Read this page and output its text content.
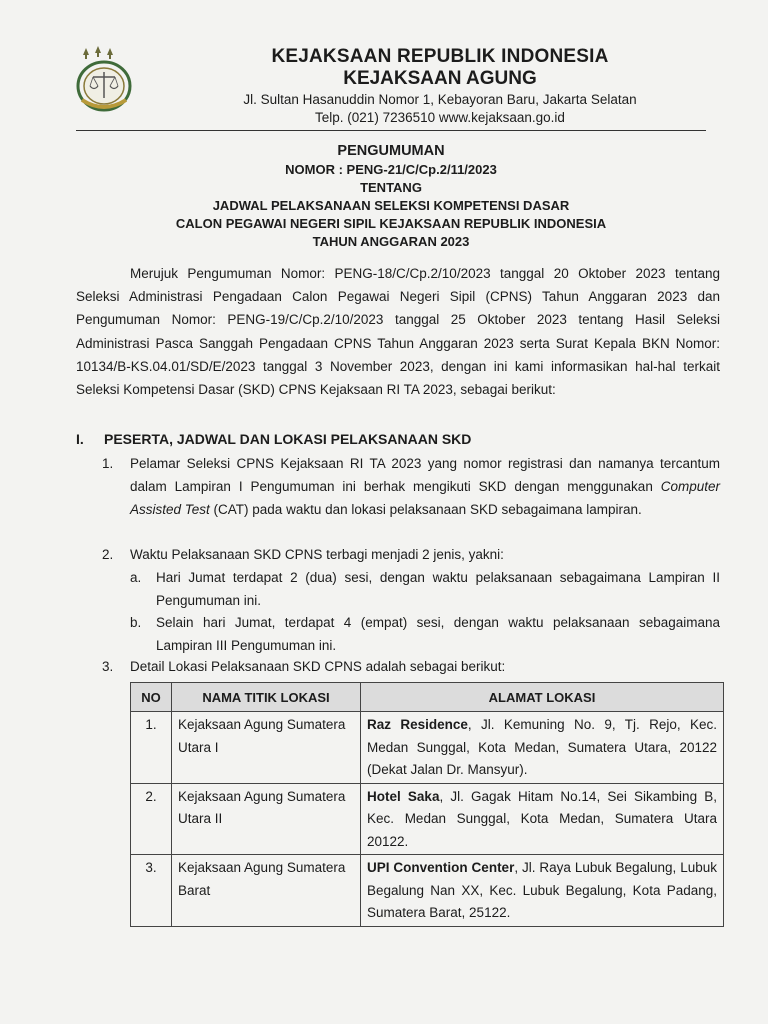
KEJAKSAAN REPUBLIK INDONESIA
KEJAKSAAN AGUNG
Jl. Sultan Hasanuddin Nomor 1, Kebayoran Baru, Jakarta Selatan
Telp. (021) 7236510 www.kejaksaan.go.id
PENGUMUMAN
NOMOR : PENG-21/C/Cp.2/11/2023
TENTANG
JADWAL PELAKSANAAN SELEKSI KOMPETENSI DASAR
CALON PEGAWAI NEGERI SIPIL KEJAKSAAN REPUBLIK INDONESIA
TAHUN ANGGARAN 2023
Merujuk Pengumuman Nomor: PENG-18/C/Cp.2/10/2023 tanggal 20 Oktober 2023 tentang Seleksi Administrasi Pengadaan Calon Pegawai Negeri Sipil (CPNS) Tahun Anggaran 2023 dan Pengumuman Nomor: PENG-19/C/Cp.2/10/2023 tanggal 25 Oktober 2023 tentang Hasil Seleksi Administrasi Pasca Sanggah Pengadaan CPNS Tahun Anggaran 2023 serta Surat Kepala BKN Nomor: 10134/B-KS.04.01/SD/E/2023 tanggal 3 November 2023, dengan ini kami informasikan hal-hal terkait Seleksi Kompetensi Dasar (SKD) CPNS Kejaksaan RI TA 2023, sebagai berikut:
I. PESERTA, JADWAL DAN LOKASI PELAKSANAAN SKD
1. Pelamar Seleksi CPNS Kejaksaan RI TA 2023 yang nomor registrasi dan namanya tercantum dalam Lampiran I Pengumuman ini berhak mengikuti SKD dengan menggunakan Computer Assisted Test (CAT) pada waktu dan lokasi pelaksanaan SKD sebagaimana lampiran.
2. Waktu Pelaksanaan SKD CPNS terbagi menjadi 2 jenis, yakni:
a. Hari Jumat terdapat 2 (dua) sesi, dengan waktu pelaksanaan sebagaimana Lampiran II Pengumuman ini.
b. Selain hari Jumat, terdapat 4 (empat) sesi, dengan waktu pelaksanaan sebagaimana Lampiran III Pengumuman ini.
3. Detail Lokasi Pelaksanaan SKD CPNS adalah sebagai berikut:
NO	NAMA TITIK LOKASI	ALAMAT LOKASI
1.	Kejaksaan Agung Sumatera Utara I	Raz Residence, Jl. Kemuning No. 9, Tj. Rejo, Kec. Medan Sunggal, Kota Medan, Sumatera Utara, 20122 (Dekat Jalan Dr. Mansyur).
2.	Kejaksaan Agung Sumatera Utara II	Hotel Saka, Jl. Gagak Hitam No.14, Sei Sikambing B, Kec. Medan Sunggal, Kota Medan, Sumatera Utara 20122.
3.	Kejaksaan Agung Sumatera Barat	UPI Convention Center, Jl. Raya Lubuk Begalung, Lubuk Begalung Nan XX, Kec. Lubuk Begalung, Kota Padang, Sumatera Barat, 25122.
